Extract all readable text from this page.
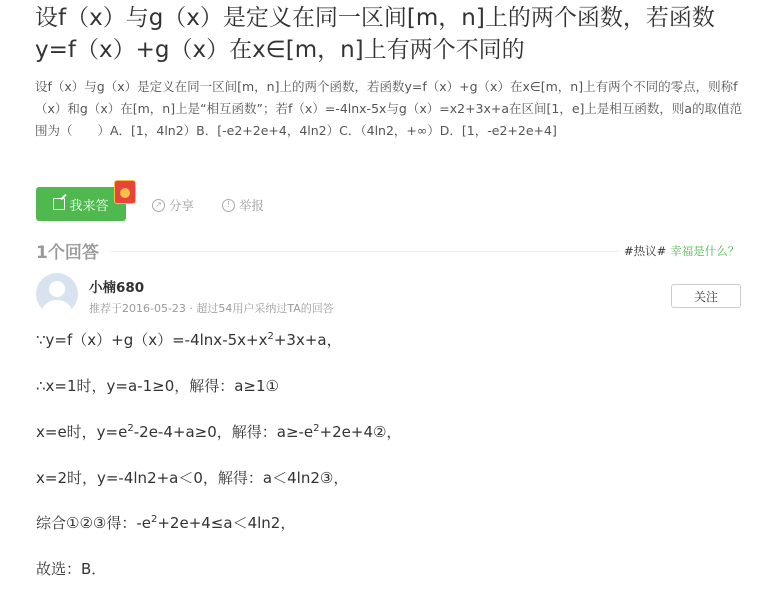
设f（x）与g（x）是定义在同一区间[m，n]上的两个函数，若函数y=f（x）+g（x）在x∈[m，n]上有两个不同的

设f（x）与g（x）是定义在同一区间[m，n]上的两个函数，若函数y=f（x）+g（x）在x∈[m，n]上有两个不同的零点，则称f（x）和g（x）在[m，n]上是“相互函数”；若f（x）=-4lnx-5x与g（x）=x2+3x+a在区间[1，e]上是相互函数，则a的取值范围为（　　）A．[1，4ln2）B．[-e2+2e+4，4ln2）C．（4ln2，+∞）D．[1，-e2+2e+4]

我来答	↗ 分享	! 举报
1个回答	#热议# 幸福是什么？
小楠680
推荐于2016-05-23 · 超过54用户采纳过TA的回答
关注
$\because y=f(x)+g(x)=-4\ln x-5x+x^2+3x+a$，
∴x=1时，y=a-1≥0，解得：a≥1①
x=e时，$y=e^2-2e-4+a\ge 0$，解得：$a\ge-e^2+2e+4②$，
x=2时，y=-4ln2+a＜0，解得：a＜4ln2③，
综合①②③得：$-e^2+2e+4\le a<4\ln 2$，
故选：B．
